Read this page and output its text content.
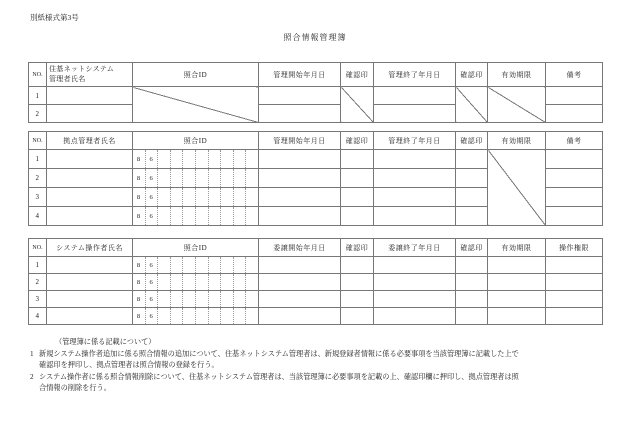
別紙様式第3号
照合情報管理簿
NO.	住基ネットシステム
管理者氏名	照合ID	管理開始年月日	確認印	管理終了年月日	確認印	有効期限	備考
1								
2								
NO.	拠点管理者氏名	照合ID	管理開始年月日	確認印	管理終了年月日	確認印	有効期限	備考
1		8 6						

2		8 6						

3		8 6						

4		8 6						

NO.	システム操作者氏名	照合ID	委譲開始年月日	確認印	委譲終了年月日	確認印	有効期限	操作権限
1		8 6						

2		8 6						

3		8 6						

4		8 6						

（管理簿に係る記載について）
1 新規システム操作者追加に係る照合情報の追加について、住基ネットシステム管理者は、新規登録者情報に係る必要事項を当該管理簿に記載した上で
確認印を押印し、拠点管理者は照合情報の登録を行う。
2 システム操作者に係る照合情報削除について、住基ネットシステム管理者は、当該管理簿に必要事項を記載の上、確認印欄に押印し、拠点管理者は照
合情報の削除を行う。
